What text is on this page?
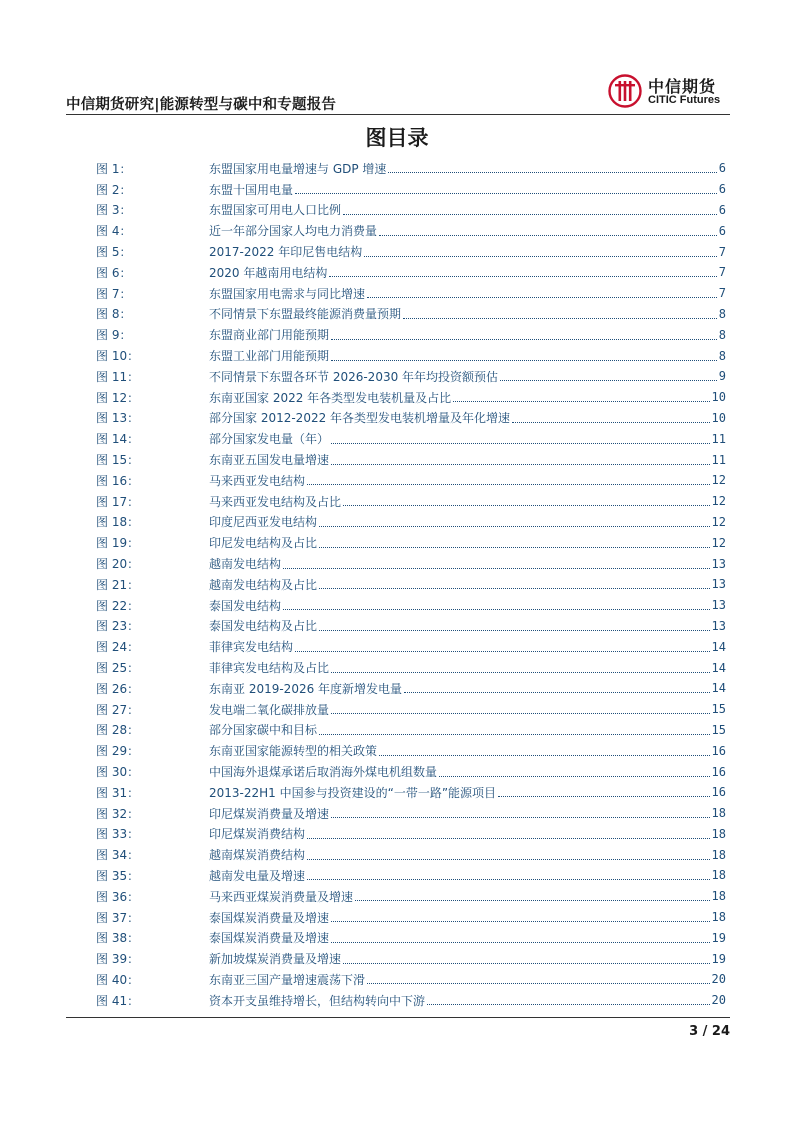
中信期货研究|能源转型与碳中和专题报告
中信期货
CITIC Futures
图目录
图 1：	东盟国家用电量增速与 GDP 增速	6
图 2：	东盟十国用电量	6
图 3：	东盟国家可用电人口比例	6
图 4：	近一年部分国家人均电力消费量	6
图 5：	2017-2022 年印尼售电结构	7
图 6：	2020 年越南用电结构	7
图 7：	东盟国家用电需求与同比增速	7
图 8：	不同情景下东盟最终能源消费量预期	8
图 9：	东盟商业部门用能预期	8
图 10：	东盟工业部门用能预期	8
图 11：	不同情景下东盟各环节 2026-2030 年年均投资额预估	9
图 12：	东南亚国家 2022 年各类型发电装机量及占比	10
图 13：	部分国家 2012-2022 年各类型发电装机增量及年化增速	10
图 14：	部分国家发电量（年）	11
图 15：	东南亚五国发电量增速	11
图 16：	马来西亚发电结构	12
图 17：	马来西亚发电结构及占比	12
图 18：	印度尼西亚发电结构	12
图 19：	印尼发电结构及占比	12
图 20：	越南发电结构	13
图 21：	越南发电结构及占比	13
图 22：	泰国发电结构	13
图 23：	泰国发电结构及占比	13
图 24：	菲律宾发电结构	14
图 25：	菲律宾发电结构及占比	14
图 26：	东南亚 2019-2026 年度新增发电量	14
图 27：	发电端二氧化碳排放量	15
图 28：	部分国家碳中和目标	15
图 29：	东南亚国家能源转型的相关政策	16
图 30：	中国海外退煤承诺后取消海外煤电机组数量	16
图 31：	2013-22H1 中国参与投资建设的“一带一路”能源项目	16
图 32：	印尼煤炭消费量及增速	18
图 33：	印尼煤炭消费结构	18
图 34：	越南煤炭消费结构	18
图 35：	越南发电量及增速	18
图 36：	马来西亚煤炭消费量及增速	18
图 37：	泰国煤炭消费量及增速	18
图 38：	泰国煤炭消费量及增速	19
图 39：	新加坡煤炭消费量及增速	19
图 40：	东南亚三国产量增速震荡下滑	20
图 41：	资本开支虽维持增长，但结构转向中下游	20
3 / 24
